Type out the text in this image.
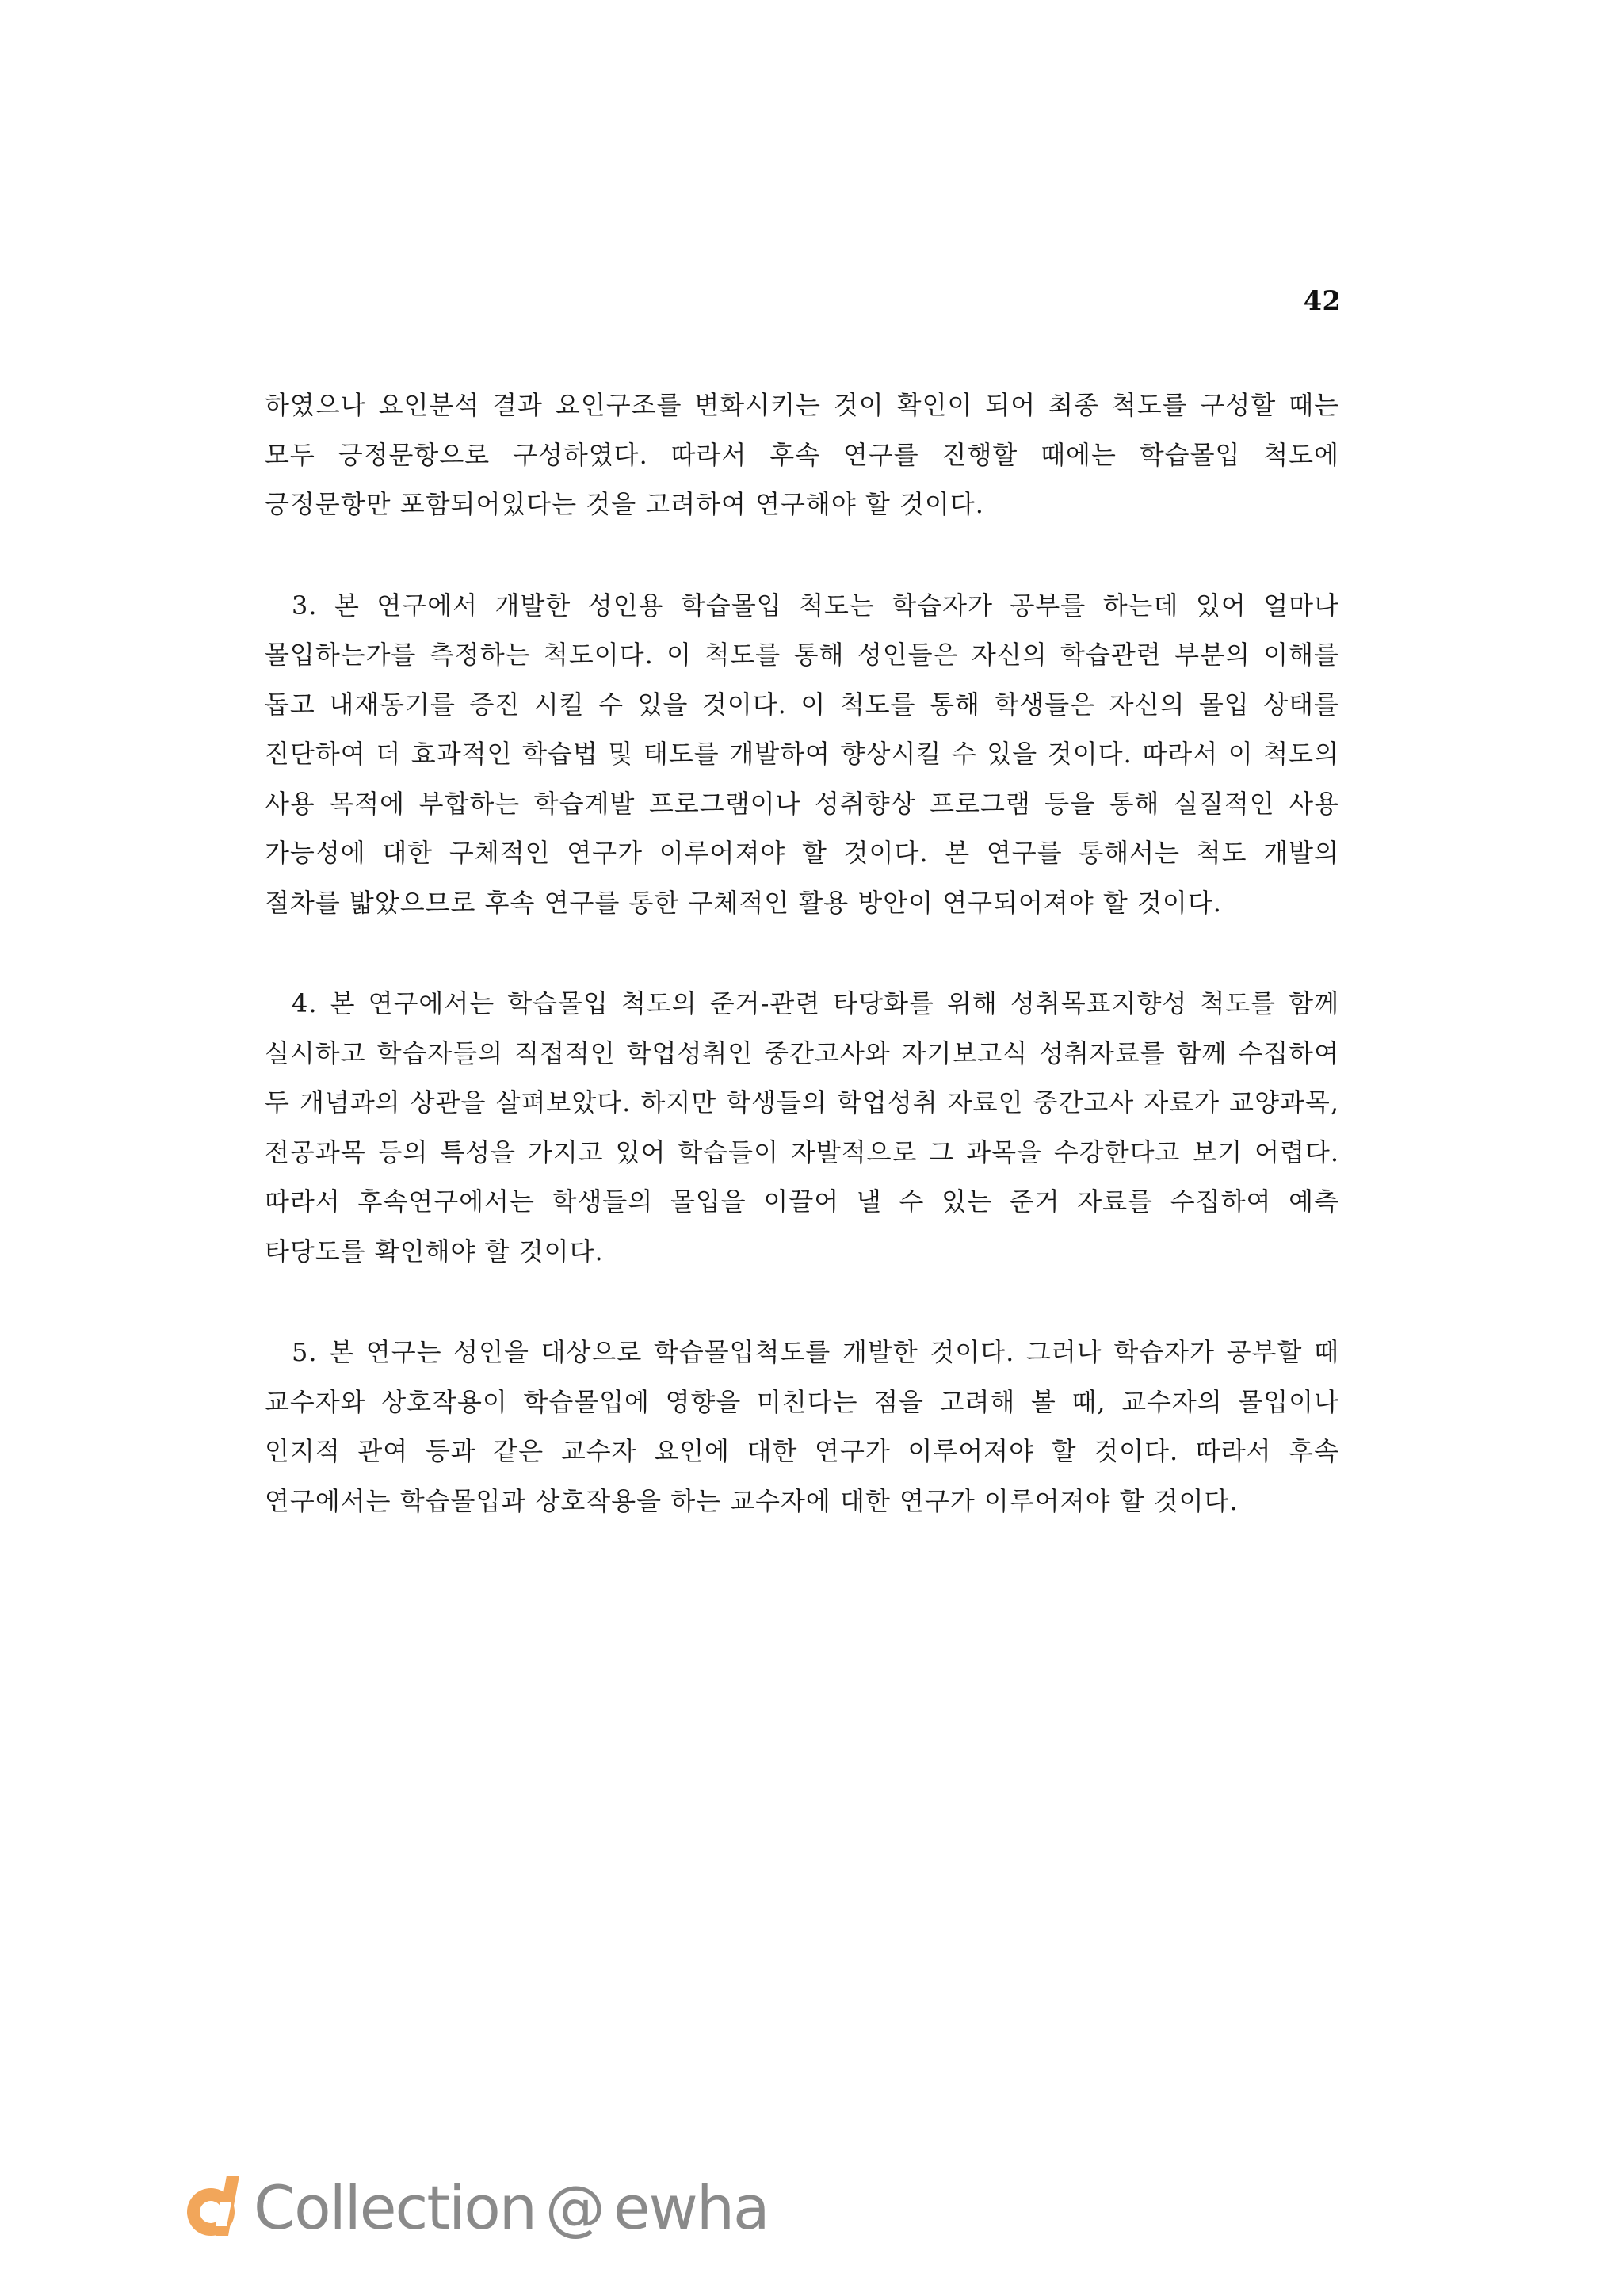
42

하였으나 요인분석 결과 요인구조를 변화시키는 것이 확인이 되어 최종 척도를 구성할 때는 모두 긍정문항으로 구성하였다. 따라서 후속 연구를 진행할 때에는 학습몰입 척도에 긍정문항만 포함되어있다는 것을 고려하여 연구해야 할 것이다.

3. 본 연구에서 개발한 성인용 학습몰입 척도는 학습자가 공부를 하는데 있어 얼마나 몰입하는가를 측정하는 척도이다. 이 척도를 통해 성인들은 자신의 학습관련 부분의 이해를 돕고 내재동기를 증진 시킬 수 있을 것이다. 이 척도를 통해 학생들은 자신의 몰입 상태를 진단하여 더 효과적인 학습법 및 태도를 개발하여 향상시킬 수 있을 것이다. 따라서 이 척도의 사용 목적에 부합하는 학습계발 프로그램이나 성취향상 프로그램 등을 통해 실질적인 사용 가능성에 대한 구체적인 연구가 이루어져야 할 것이다. 본 연구를 통해서는 척도 개발의 절차를 밟았으므로 후속 연구를 통한 구체적인 활용 방안이 연구되어져야 할 것이다.

4. 본 연구에서는 학습몰입 척도의 준거-관련 타당화를 위해 성취목표지향성 척도를 함께 실시하고 학습자들의 직접적인 학업성취인 중간고사와 자기보고식 성취자료를 함께 수집하여 두 개념과의 상관을 살펴보았다. 하지만 학생들의 학업성취 자료인 중간고사 자료가 교양과목, 전공과목 등의 특성을 가지고 있어 학습들이 자발적으로 그 과목을 수강한다고 보기 어렵다. 따라서 후속연구에서는 학생들의 몰입을 이끌어 낼 수 있는 준거 자료를 수집하여 예측 타당도를 확인해야 할 것이다.

5. 본 연구는 성인을 대상으로 학습몰입척도를 개발한 것이다. 그러나 학습자가 공부할 때 교수자와 상호작용이 학습몰입에 영향을 미친다는 점을 고려해 볼 때, 교수자의 몰입이나 인지적 관여 등과 같은 교수자 요인에 대한 연구가 이루어져야 할 것이다. 따라서 후속 연구에서는 학습몰입과 상호작용을 하는 교수자에 대한 연구가 이루어져야 할 것이다.

Collection @ ewha
